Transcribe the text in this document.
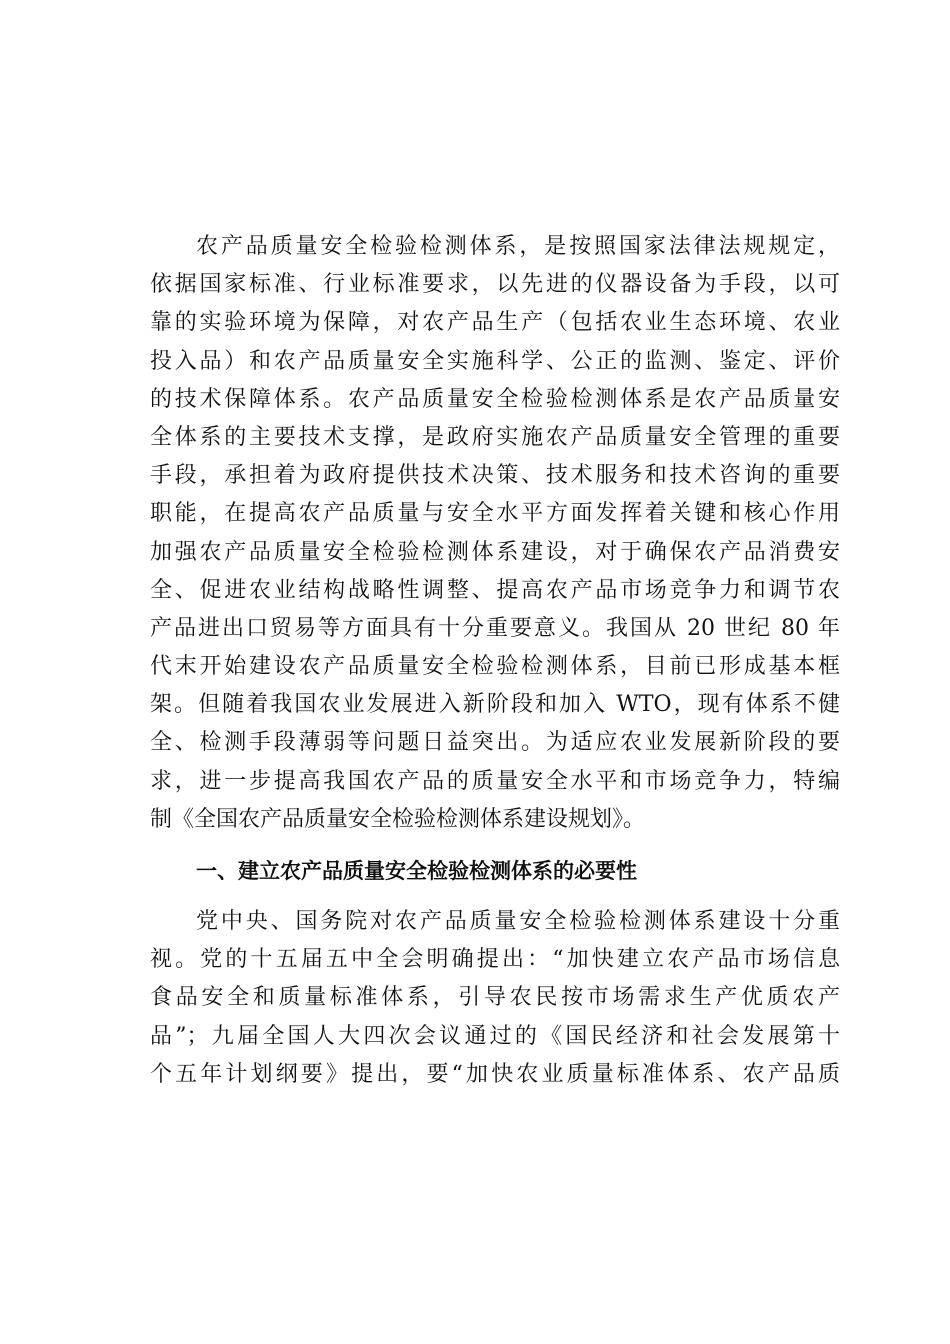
农产品质量安全检验检测体系，是按照国家法律法规规定，
依据国家标准、行业标准要求，以先进的仪器设备为手段，以可
靠的实验环境为保障，对农产品生产（包括农业生态环境、农业
投入品）和农产品质量安全实施科学、公正的监测、鉴定、评价
的技术保障体系。农产品质量安全检验检测体系是农产品质量安
全体系的主要技术支撑，是政府实施农产品质量安全管理的重要
手段，承担着为政府提供技术决策、技术服务和技术咨询的重要
职能，在提高农产品质量与安全水平方面发挥着关键和核心作用
加强农产品质量安全检验检测体系建设，对于确保农产品消费安
全、促进农业结构战略性调整、提高农产品市场竞争力和调节农
产品进出口贸易等方面具有十分重要意义。我国从 20 世纪 80 年
代末开始建设农产品质量安全检验检测体系，目前已形成基本框
架。但随着我国农业发展进入新阶段和加入 WTO，现有体系不健
全、检测手段薄弱等问题日益突出。为适应农业发展新阶段的要
求，进一步提高我国农产品的质量安全水平和市场竞争力，特编
制《全国农产品质量安全检验检测体系建设规划》。
一、建立农产品质量安全检验检测体系的必要性
党中央、国务院对农产品质量安全检验检测体系建设十分重
视。党的十五届五中全会明确提出：“加快建立农产品市场信息
食品安全和质量标准体系，引导农民按市场需求生产优质农产
品”；九届全国人大四次会议通过的《国民经济和社会发展第十
个五年计划纲要》提出，要“加快农业质量标准体系、农产品质
